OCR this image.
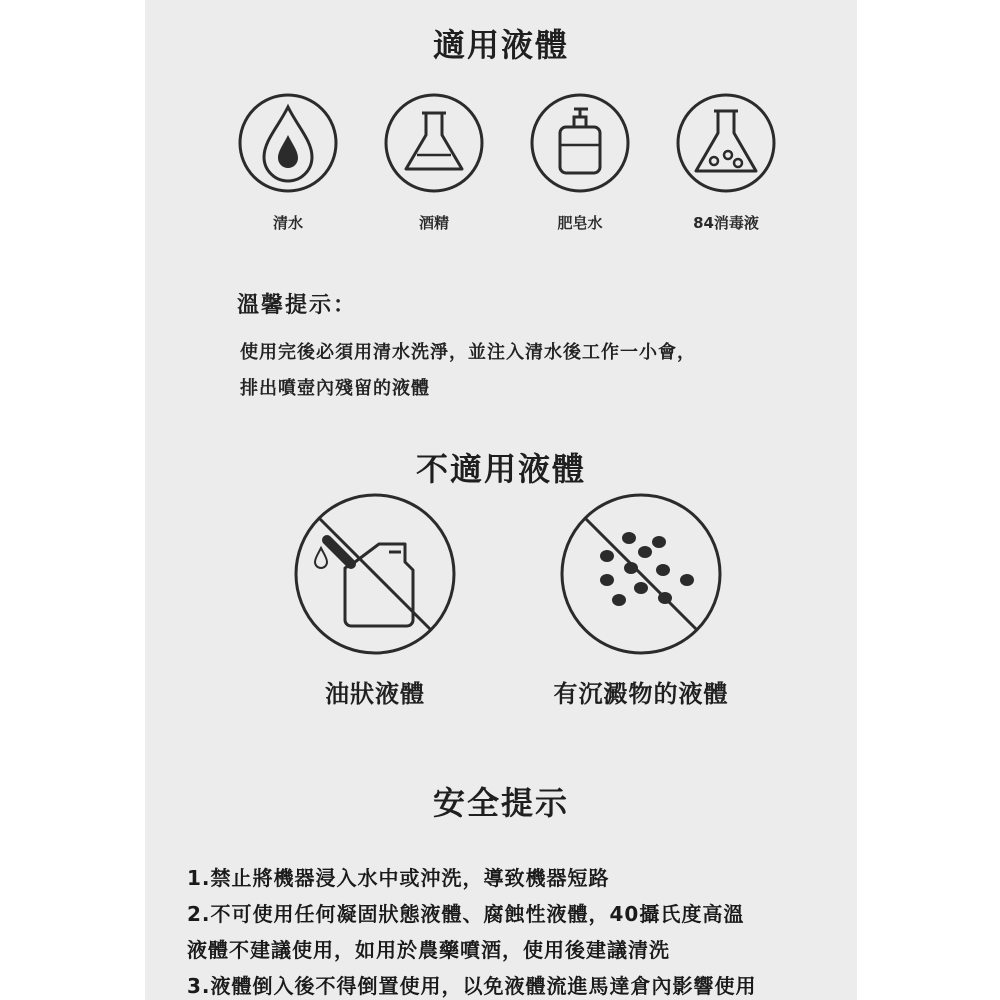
適用液體
清水	酒精	肥皂水	84消毒液
溫馨提示：
使用完後必須用清水洗淨，並注入清水後工作一小會，
排出噴壺內殘留的液體
不適用液體
油狀液體	有沉澱物的液體
安全提示
1.禁止將機器浸入水中或沖洗，導致機器短路
2.不可使用任何凝固狀態液體、腐蝕性液體，40攝氏度高溫
液體不建議使用，如用於農藥噴酒，使用後建議清洗
3.液體倒入後不得倒置使用，以免液體流進馬達倉內影響使用
